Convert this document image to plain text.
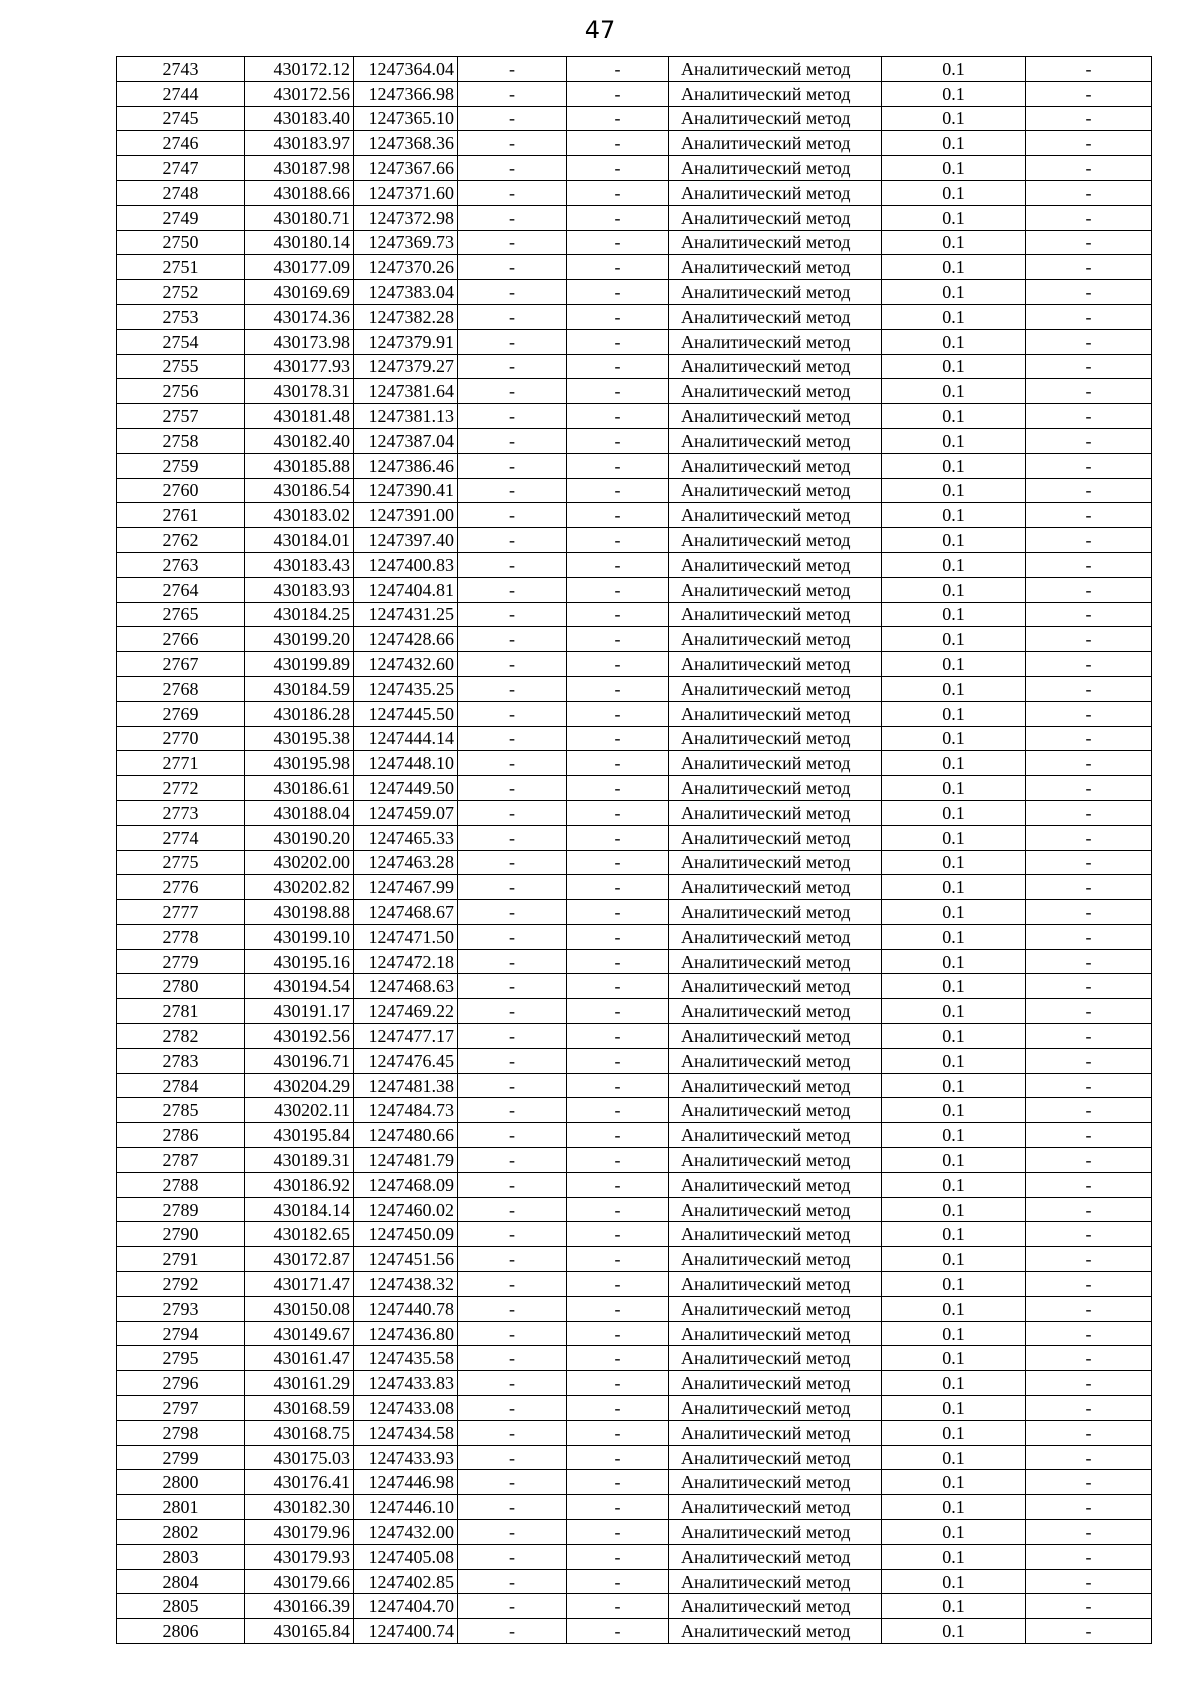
47
2743	430172.12	1247364.04	-	-	Аналитический метод	0.1	-
2744	430172.56	1247366.98	-	-	Аналитический метод	0.1	-
2745	430183.40	1247365.10	-	-	Аналитический метод	0.1	-
2746	430183.97	1247368.36	-	-	Аналитический метод	0.1	-
2747	430187.98	1247367.66	-	-	Аналитический метод	0.1	-
2748	430188.66	1247371.60	-	-	Аналитический метод	0.1	-
2749	430180.71	1247372.98	-	-	Аналитический метод	0.1	-
2750	430180.14	1247369.73	-	-	Аналитический метод	0.1	-
2751	430177.09	1247370.26	-	-	Аналитический метод	0.1	-
2752	430169.69	1247383.04	-	-	Аналитический метод	0.1	-
2753	430174.36	1247382.28	-	-	Аналитический метод	0.1	-
2754	430173.98	1247379.91	-	-	Аналитический метод	0.1	-
2755	430177.93	1247379.27	-	-	Аналитический метод	0.1	-
2756	430178.31	1247381.64	-	-	Аналитический метод	0.1	-
2757	430181.48	1247381.13	-	-	Аналитический метод	0.1	-
2758	430182.40	1247387.04	-	-	Аналитический метод	0.1	-
2759	430185.88	1247386.46	-	-	Аналитический метод	0.1	-
2760	430186.54	1247390.41	-	-	Аналитический метод	0.1	-
2761	430183.02	1247391.00	-	-	Аналитический метод	0.1	-
2762	430184.01	1247397.40	-	-	Аналитический метод	0.1	-
2763	430183.43	1247400.83	-	-	Аналитический метод	0.1	-
2764	430183.93	1247404.81	-	-	Аналитический метод	0.1	-
2765	430184.25	1247431.25	-	-	Аналитический метод	0.1	-
2766	430199.20	1247428.66	-	-	Аналитический метод	0.1	-
2767	430199.89	1247432.60	-	-	Аналитический метод	0.1	-
2768	430184.59	1247435.25	-	-	Аналитический метод	0.1	-
2769	430186.28	1247445.50	-	-	Аналитический метод	0.1	-
2770	430195.38	1247444.14	-	-	Аналитический метод	0.1	-
2771	430195.98	1247448.10	-	-	Аналитический метод	0.1	-
2772	430186.61	1247449.50	-	-	Аналитический метод	0.1	-
2773	430188.04	1247459.07	-	-	Аналитический метод	0.1	-
2774	430190.20	1247465.33	-	-	Аналитический метод	0.1	-
2775	430202.00	1247463.28	-	-	Аналитический метод	0.1	-
2776	430202.82	1247467.99	-	-	Аналитический метод	0.1	-
2777	430198.88	1247468.67	-	-	Аналитический метод	0.1	-
2778	430199.10	1247471.50	-	-	Аналитический метод	0.1	-
2779	430195.16	1247472.18	-	-	Аналитический метод	0.1	-
2780	430194.54	1247468.63	-	-	Аналитический метод	0.1	-
2781	430191.17	1247469.22	-	-	Аналитический метод	0.1	-
2782	430192.56	1247477.17	-	-	Аналитический метод	0.1	-
2783	430196.71	1247476.45	-	-	Аналитический метод	0.1	-
2784	430204.29	1247481.38	-	-	Аналитический метод	0.1	-
2785	430202.11	1247484.73	-	-	Аналитический метод	0.1	-
2786	430195.84	1247480.66	-	-	Аналитический метод	0.1	-
2787	430189.31	1247481.79	-	-	Аналитический метод	0.1	-
2788	430186.92	1247468.09	-	-	Аналитический метод	0.1	-
2789	430184.14	1247460.02	-	-	Аналитический метод	0.1	-
2790	430182.65	1247450.09	-	-	Аналитический метод	0.1	-
2791	430172.87	1247451.56	-	-	Аналитический метод	0.1	-
2792	430171.47	1247438.32	-	-	Аналитический метод	0.1	-
2793	430150.08	1247440.78	-	-	Аналитический метод	0.1	-
2794	430149.67	1247436.80	-	-	Аналитический метод	0.1	-
2795	430161.47	1247435.58	-	-	Аналитический метод	0.1	-
2796	430161.29	1247433.83	-	-	Аналитический метод	0.1	-
2797	430168.59	1247433.08	-	-	Аналитический метод	0.1	-
2798	430168.75	1247434.58	-	-	Аналитический метод	0.1	-
2799	430175.03	1247433.93	-	-	Аналитический метод	0.1	-
2800	430176.41	1247446.98	-	-	Аналитический метод	0.1	-
2801	430182.30	1247446.10	-	-	Аналитический метод	0.1	-
2802	430179.96	1247432.00	-	-	Аналитический метод	0.1	-
2803	430179.93	1247405.08	-	-	Аналитический метод	0.1	-
2804	430179.66	1247402.85	-	-	Аналитический метод	0.1	-
2805	430166.39	1247404.70	-	-	Аналитический метод	0.1	-
2806	430165.84	1247400.74	-	-	Аналитический метод	0.1	-
